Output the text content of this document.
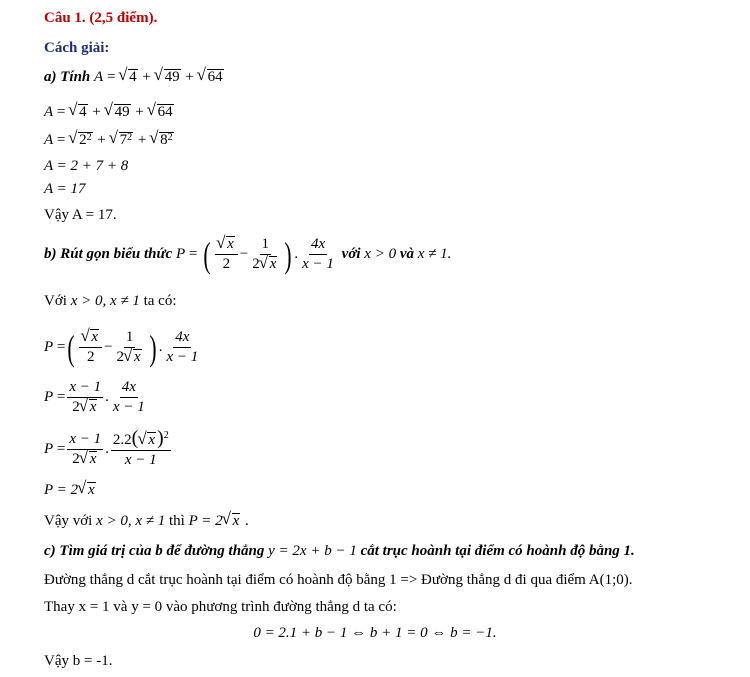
Câu 1. (2,5 điểm).
Cách giải:
a) Tính A = √ 4 + √ 49 + √ 64
A = √ 4 + √ 49 + √ 64
A = √ $2^2$ + √ $7^2$ + √ $8^2$
A = 2 + 7 + 8
A = 17
Vậy A = 17.
b) Rút gọn biểu thức P = ( √ $\frac{x}{2} - \frac{1}{2 √ x}$ ) . $\frac{4x}{x - 1}$ với x > 0 và x ≠ 1.
Với x > 0, x ≠ 1 ta có:
P =( √ $\frac{x}{2} - \frac{1}{2 √ x}$ ) . $\frac{4x}{x - 1}$
$P = \frac{x - 1}{2 √ x}$ . $\frac{4x}{x - 1}$
$P = \frac{x - 1}{2 √ x}$ . $\frac{2.2( √ x )^2}{x - 1}$
P = 2 √ x
Vậy với x > 0, x ≠ 1 thì P = 2 √ x .
c) Tìm giá trị của b để đường thẳng y = 2x + b − 1 cắt trục hoành tại điểm có hoành độ bằng 1.
Đường thẳng d cắt trục hoành tại điểm có hoành độ bằng 1 => Đường thẳng d đi qua điểm A(1;0).
Thay x = 1 và y = 0 vào phương trình đường thẳng d ta có:
0 = 2.1 + b − 1 ⇔ b + 1 = 0 ⇔ b = −1.
Vậy b = -1.
